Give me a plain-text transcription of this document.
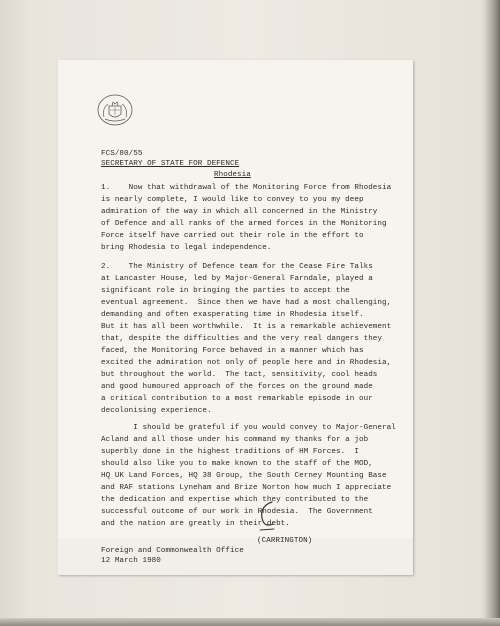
FCS/80/55
SECRETARY OF STATE FOR DEFENCE
Rhodesia
1.    Now that withdrawal of the Monitoring Force from Rhodesia
is nearly complete, I would like to convey to you my deep
admiration of the way in which all concerned in the Ministry
of Defence and all ranks of the armed forces in the Monitoring
Force itself have carried out their role in the effort to
bring Rhodesia to legal independence.
2.    The Ministry of Defence team for the Cease Fire Talks
at Lancaster House, led by Major-General Farndale, played a
significant role in bringing the parties to accept the
eventual agreement.  Since then we have had a most challenging,
demanding and often exasperating time in Rhodesia itself.
But it has all been worthwhile.  It is a remarkable achievement
that, despite the difficulties and the very real dangers they
faced, the Monitoring Force behaved in a manner which has
excited the admiration not only of people here and in Rhodesia,
but throughout the world.  The tact, sensitivity, cool heads
and good humoured approach of the forces on the ground made
a critical contribution to a most remarkable episode in our
decolonising experience.
I should be grateful if you would convey to Major-General
Acland and all those under his command my thanks for a job
superbly done in the highest traditions of HM Forces.  I
should also like you to make known to the staff of the MOD,
HQ UK Land Forces, HQ 38 Group, the South Cerney Mounting Base
and RAF stations Lyneham and Brize Norton how much I appreciate
the dedication and expertise which they contributed to the
successful outcome of our work in Rhodesia.  The Government
and the nation are greatly in their debt.
(CARRINGTON)
Foreign and Commonwealth Office
12 March 1980
